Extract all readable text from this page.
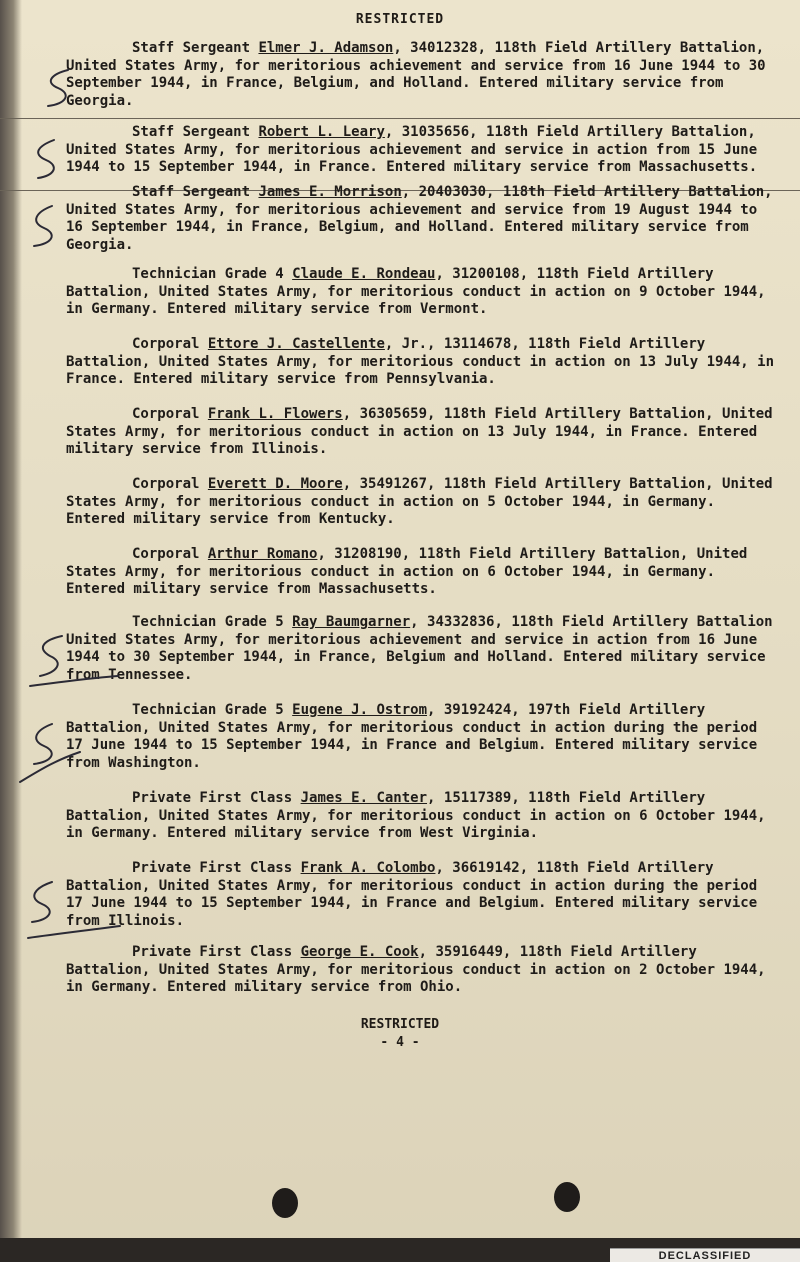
RESTRICTED
Staff Sergeant Elmer J. Adamson, 34012328, 118th Field Artillery Battalion, United States Army, for meritorious achievement and service from 16 June 1944 to 30 September 1944, in France, Belgium, and Holland. Entered military service from Georgia.
Staff Sergeant Robert L. Leary, 31035656, 118th Field Artillery Battalion, United States Army, for meritorious achievement and service in action from 15 June 1944 to 15 September 1944, in France. Entered military service from Massachusetts.
Staff Sergeant James E. Morrison, 20403030, 118th Field Artillery Battalion, United States Army, for meritorious achievement and service from 19 August 1944 to 16 September 1944, in France, Belgium, and Holland. Entered military service from Georgia.
Technician Grade 4 Claude E. Rondeau, 31200108, 118th Field Artillery Battalion, United States Army, for meritorious conduct in action on 9 October 1944, in Germany. Entered military service from Vermont.
Corporal Ettore J. Castellente, Jr., 13114678, 118th Field Artillery Battalion, United States Army, for meritorious conduct in action on 13 July 1944, in France. Entered military service from Pennsylvania.
Corporal Frank L. Flowers, 36305659, 118th Field Artillery Battalion, United States Army, for meritorious conduct in action on 13 July 1944, in France. Entered military service from Illinois.
Corporal Everett D. Moore, 35491267, 118th Field Artillery Battalion, United States Army, for meritorious conduct in action on 5 October 1944, in Germany. Entered military service from Kentucky.
Corporal Arthur Romano, 31208190, 118th Field Artillery Battalion, United States Army, for meritorious conduct in action on 6 October 1944, in Germany. Entered military service from Massachusetts.
Technician Grade 5 Ray Baumgarner, 34332836, 118th Field Artillery Battalion United States Army, for meritorious achievement and service in action from 16 June 1944 to 30 September 1944, in France, Belgium and Holland. Entered military service from Tennessee.
Technician Grade 5 Eugene J. Ostrom, 39192424, 197th Field Artillery Battalion, United States Army, for meritorious conduct in action during the period 17 June 1944 to 15 September 1944, in France and Belgium. Entered military service from Washington.
Private First Class James E. Canter, 15117389, 118th Field Artillery Battalion, United States Army, for meritorious conduct in action on 6 October 1944, in Germany. Entered military service from West Virginia.
Private First Class Frank A. Colombo, 36619142, 118th Field Artillery Battalion, United States Army, for meritorious conduct in action during the period 17 June 1944 to 15 September 1944, in France and Belgium. Entered military service from Illinois.
Private First Class George E. Cook, 35916449, 118th Field Artillery Battalion, United States Army, for meritorious conduct in action on 2 October 1944, in Germany. Entered military service from Ohio.
RESTRICTED
- 4 -
DECLASSIFIED
